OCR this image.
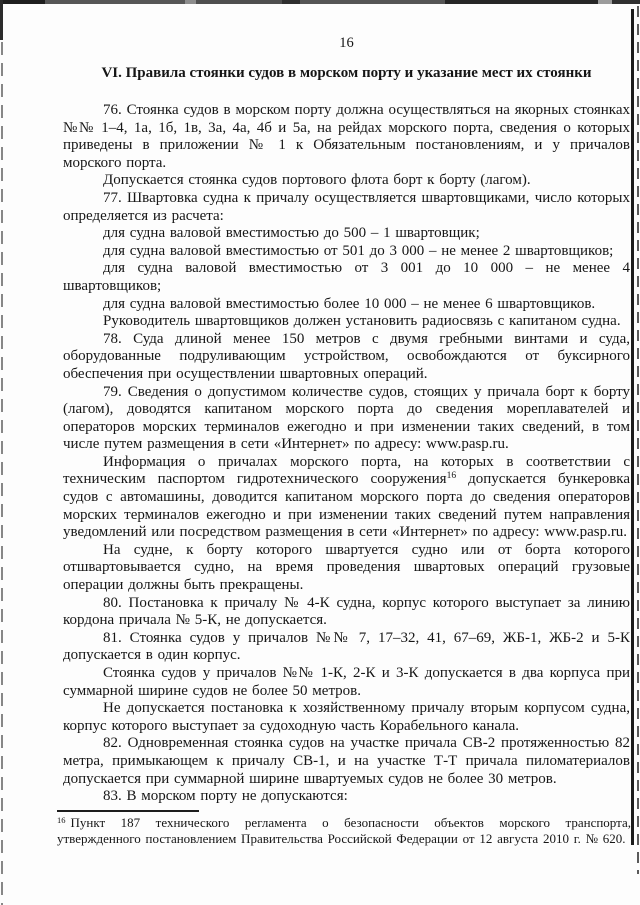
16
VI. Правила стоянки судов в морском порту и указание мест их стоянки

76. Стоянка судов в морском порту должна осуществляться на якорных стоянках №№ 1–4, 1а, 1б, 1в, 3а, 4а, 4б и 5а, на рейдах морского порта, сведения о которых приведены в приложении № 1 к Обязательным постановлениям, и у причалов морского порта.

Допускается стоянка судов портового флота борт к борту (лагом).

77. Швартовка судна к причалу осуществляется швартовщиками, число которых определяется из расчета:

для судна валовой вместимостью до 500 – 1 швартовщик;

для судна валовой вместимостью от 501 до 3 000 – не менее 2 швартовщиков;

для судна валовой вместимостью от 3 001 до 10 000 – не менее 4 швартовщиков;

для судна валовой вместимостью более 10 000 – не менее 6 швартовщиков.

Руководитель швартовщиков должен установить радиосвязь с капитаном судна.

78. Суда длиной менее 150 метров с двумя гребными винтами и суда, оборудованные подруливающим устройством, освобождаются от буксирного обеспечения при осуществлении швартовных операций.

79. Сведения о допустимом количестве судов, стоящих у причала борт к борту (лагом), доводятся капитаном морского порта до сведения мореплавателей и операторов морских терминалов ежегодно и при изменении таких сведений, в том числе путем размещения в сети «Интернет» по адресу: www.pasp.ru.

Информация о причалах морского порта, на которых в соответствии с техническим паспортом гидротехнического сооружения$^{16}$ допускается бункеровка судов с автомашины, доводится капитаном морского порта до сведения операторов морских терминалов ежегодно и при изменении таких сведений путем направления уведомлений или посредством размещения в сети «Интернет» по адресу: www.pasp.ru.

На судне, к борту которого швартуется судно или от борта которого отшвартовывается судно, на время проведения швартовых операций грузовые операции должны быть прекращены.

80. Постановка к причалу № 4-К судна, корпус которого выступает за линию кордона причала № 5-К, не допускается.

81. Стоянка судов у причалов №№ 7, 17–32, 41, 67–69, ЖБ-1, ЖБ-2 и 5-К допускается в один корпус.

Стоянка судов у причалов №№ 1-К, 2-К и 3-К допускается в два корпуса при суммарной ширине судов не более 50 метров.

Не допускается постановка к хозяйственному причалу вторым корпусом судна, корпус которого выступает за судоходную часть Корабельного канала.

82. Одновременная стоянка судов на участке причала СВ-2 протяженностью 82 метра, примыкающем к причалу СВ-1, и на участке Т-Т причала пиломатериалов допускается при суммарной ширине швартуемых судов не более 30 метров.

83. В морском порту не допускаются:

$^{16}$ Пункт 187 технического регламента о безопасности объектов морского транспорта, утвержденного постановлением Правительства Российской Федерации от 12 августа 2010 г. № 620.
